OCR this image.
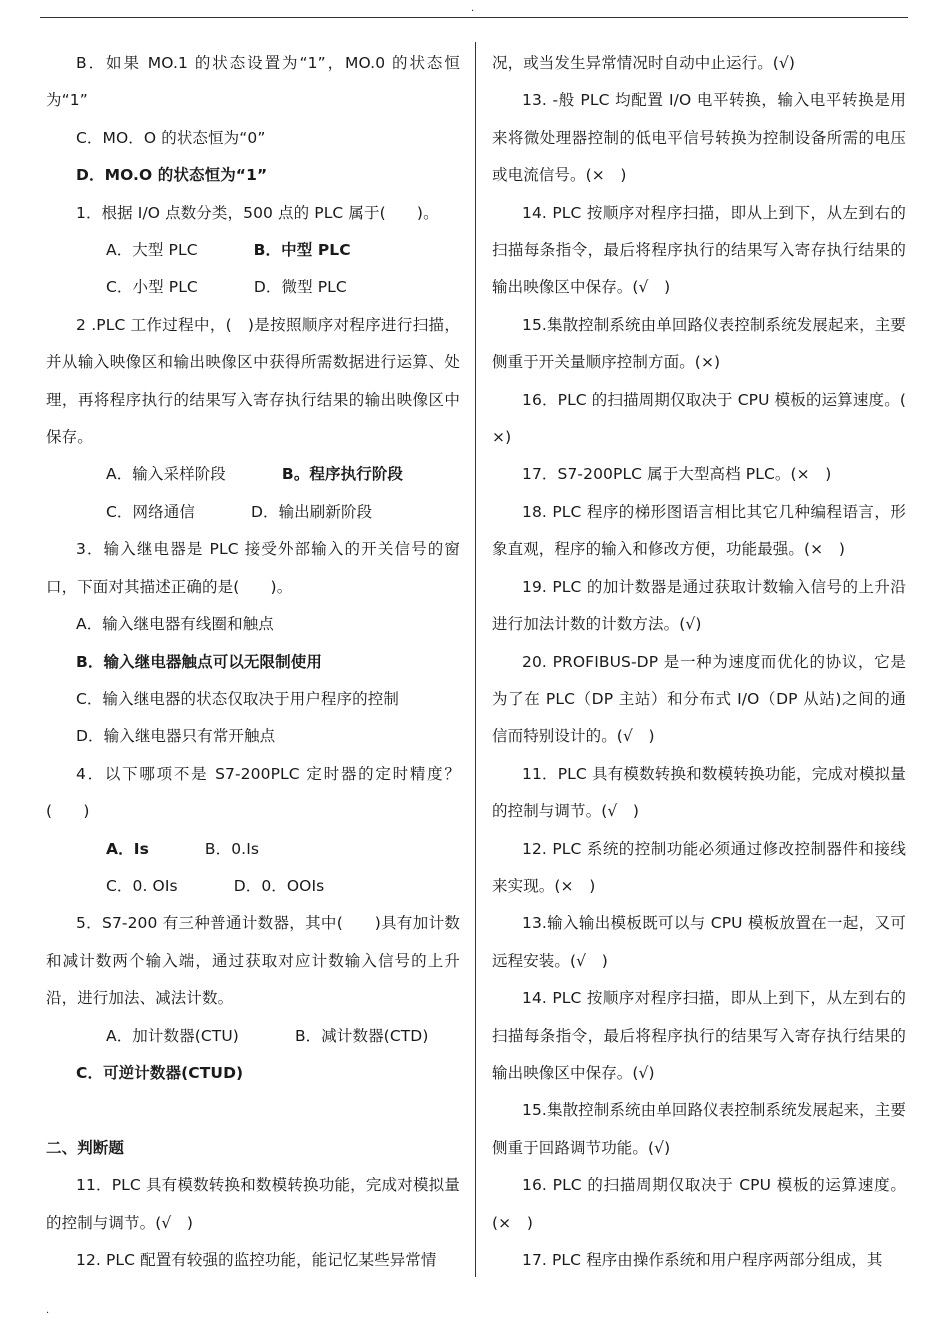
.

B．如果 MO.1 的状态设置为“1”，MO.0 的状态恒为“1”

C．MO．O 的状态恒为“0”

D．MO.O 的状态恒为“1”

1．根据 I/O 点数分类，500 点的 PLC 属于(　　)。

A．大型 PLC	B．中型 PLC

C．小型 PLC	D．微型 PLC

2 .PLC 工作过程中，(　)是按照顺序对程序进行扫描，并从输入映像区和输出映像区中获得所需数据进行运算、处理，再将程序执行的结果写入寄存执行结果的输出映像区中保存。

A．输入采样阶段	B。程序执行阶段

C．网络通信	D．输出刷新阶段

3．输入继电器是 PLC 接受外部输入的开关信号的窗口，下面对其描述正确的是(　　)。

A．输入继电器有线圈和触点

B．输入继电器触点可以无限制使用

C．输入继电器的状态仅取决于用户程序的控制

D．输入继电器只有常开触点

4．以下哪项不是 S7-200PLC 定时器的定时精度？(　　)

A．Is	B．0.Is

C．0. OIs	D．0．OOIs

5．S7-200 有三种普通计数器，其中(　　)具有加计数和减计数两个输入端，通过获取对应计数输入信号的上升沿，进行加法、减法计数。

A．加计数器(CTU)	B．减计数器(CTD)

C．可逆计数器(CTUD)

二、判断题

11．PLC 具有模数转换和数模转换功能，完成对模拟量的控制与调节。(√　)

12. PLC 配置有较强的监控功能，能记忆某些异常情

况，或当发生异常情况时自动中止运行。(√)

13. -般 PLC 均配置 I/O 电平转换，输入电平转换是用来将微处理器控制的低电平信号转换为控制设备所需的电压或电流信号。(×　)

14. PLC 按顺序对程序扫描，即从上到下，从左到右的扫描每条指令，最后将程序执行的结果写入寄存执行结果的输出映像区中保存。(√　)

15.集散控制系统由单回路仪表控制系统发展起来，主要侧重于开关量顺序控制方面。(×)

16．PLC 的扫描周期仅取决于 CPU 模板的运算速度。(　×)

17．S7-200PLC 属于大型高档 PLC。(×　)

18. PLC 程序的梯形图语言相比其它几种编程语言，形象直观，程序的输入和修改方便，功能最强。(×　)

19. PLC 的加计数器是通过获取计数输入信号的上升沿进行加法计数的计数方法。(√)

20. PROFIBUS-DP 是一种为速度而优化的协议，它是为了在 PLC（DP 主站）和分布式 I/O（DP 从站)之间的通信而特别设计的。(√　)

11．PLC 具有模数转换和数模转换功能，完成对模拟量的控制与调节。(√　)

12. PLC 系统的控制功能必须通过修改控制器件和接线来实现。(×　)

13.输入输出模板既可以与 CPU 模板放置在一起，又可远程安装。(√　)

14. PLC 按顺序对程序扫描，即从上到下，从左到右的扫描每条指令，最后将程序执行的结果写入寄存执行结果的输出映像区中保存。(√)

15.集散控制系统由单回路仪表控制系统发展起来，主要侧重于回路调节功能。(√)

16. PLC 的扫描周期仅取决于 CPU 模板的运算速度。(×　)

17. PLC 程序由操作系统和用户程序两部分组成，其

.
